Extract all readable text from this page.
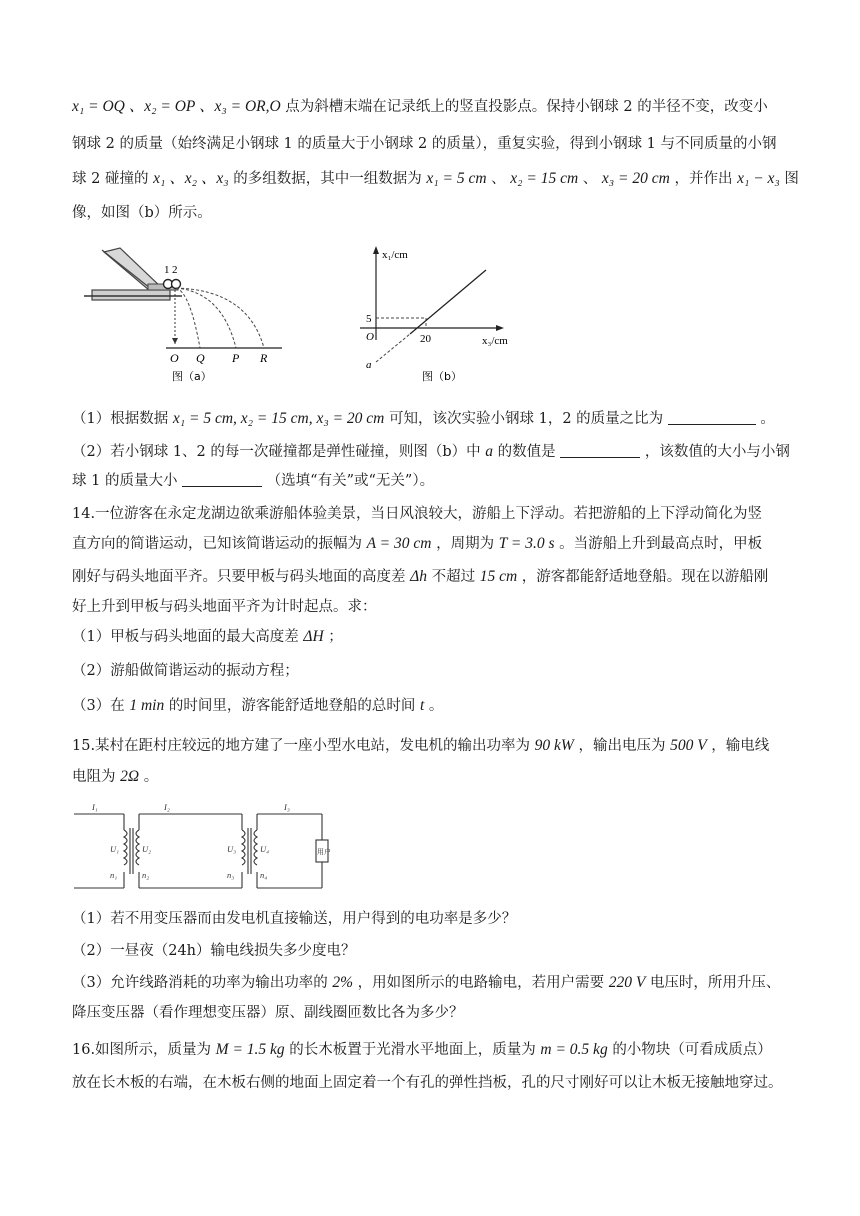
x₁ = OQ 、x₂ = OP 、x₃ = OR,O 点为斜槽末端在记录纸上的竖直投影点。保持小钢球 2 的半径不变，改变小
钢球 2 的质量（始终满足小钢球 1 的质量大于小钢球 2 的质量），重复实验，得到小钢球 1 与不同质量的小钢
球 2 碰撞的 x₁ 、x₂ 、x₃ 的多组数据，其中一组数据为 x₁ = 5 cm 、 x₂ = 15 cm 、 x₃ = 20 cm ，并作出 x₁ − x₃ 图
像，如图（b）所示。
1 2
O Q P R
图（a）
x₁/cm
x₃/cm
O
5
20
a
图（b）
（1）根据数据 x₁ = 5 cm, x₂ = 15 cm, x₃ = 20 cm 可知，该次实验小钢球 1，2 的质量之比为	。
（2）若小钢球 1、2 的每一次碰撞都是弹性碰撞，则图（b）中 a 的数值是	，该数值的大小与小钢
球 1 的质量大小	（选填“有关”或“无关”）。
14.一位游客在永定龙湖边欲乘游船体验美景，当日风浪较大，游船上下浮动。若把游船的上下浮动简化为竖
直方向的简谐运动，已知该简谐运动的振幅为 A = 30 cm ，周期为 T = 3.0 s 。当游船上升到最高点时，甲板
刚好与码头地面平齐。只要甲板与码头地面的高度差 Δh 不超过 15 cm ，游客都能舒适地登船。现在以游船刚
好上升到甲板与码头地面平齐为计时起点。求：
（1）甲板与码头地面的最大高度差 ΔH ；
（2）游船做简谐运动的振动方程；
（3）在 1 min 的时间里，游客能舒适地登船的总时间 t 。
15.某村在距村庄较远的地方建了一座小型水电站，发电机的输出功率为 90 kW ，输出电压为 500 V ，输电线
电阻为 2Ω 。
I₁	I₂	I₃
U₁	U₂	U₃	U₄
n₁	n₂	n₃	n₄
用户
（1）若不用变压器而由发电机直接输送，用户得到的电功率是多少？
（2）一昼夜（24h）输电线损失多少度电？
（3）允许线路消耗的功率为输出功率的 2% ，用如图所示的电路输电，若用户需要 220 V 电压时，所用升压、
降压变压器（看作理想变压器）原、副线圈匝数比各为多少？
16.如图所示，质量为 M = 1.5 kg 的长木板置于光滑水平地面上，质量为 m = 0.5 kg 的小物块（可看成质点）
放在长木板的右端，在木板右侧的地面上固定着一个有孔的弹性挡板，孔的尺寸刚好可以让木板无接触地穿过。
